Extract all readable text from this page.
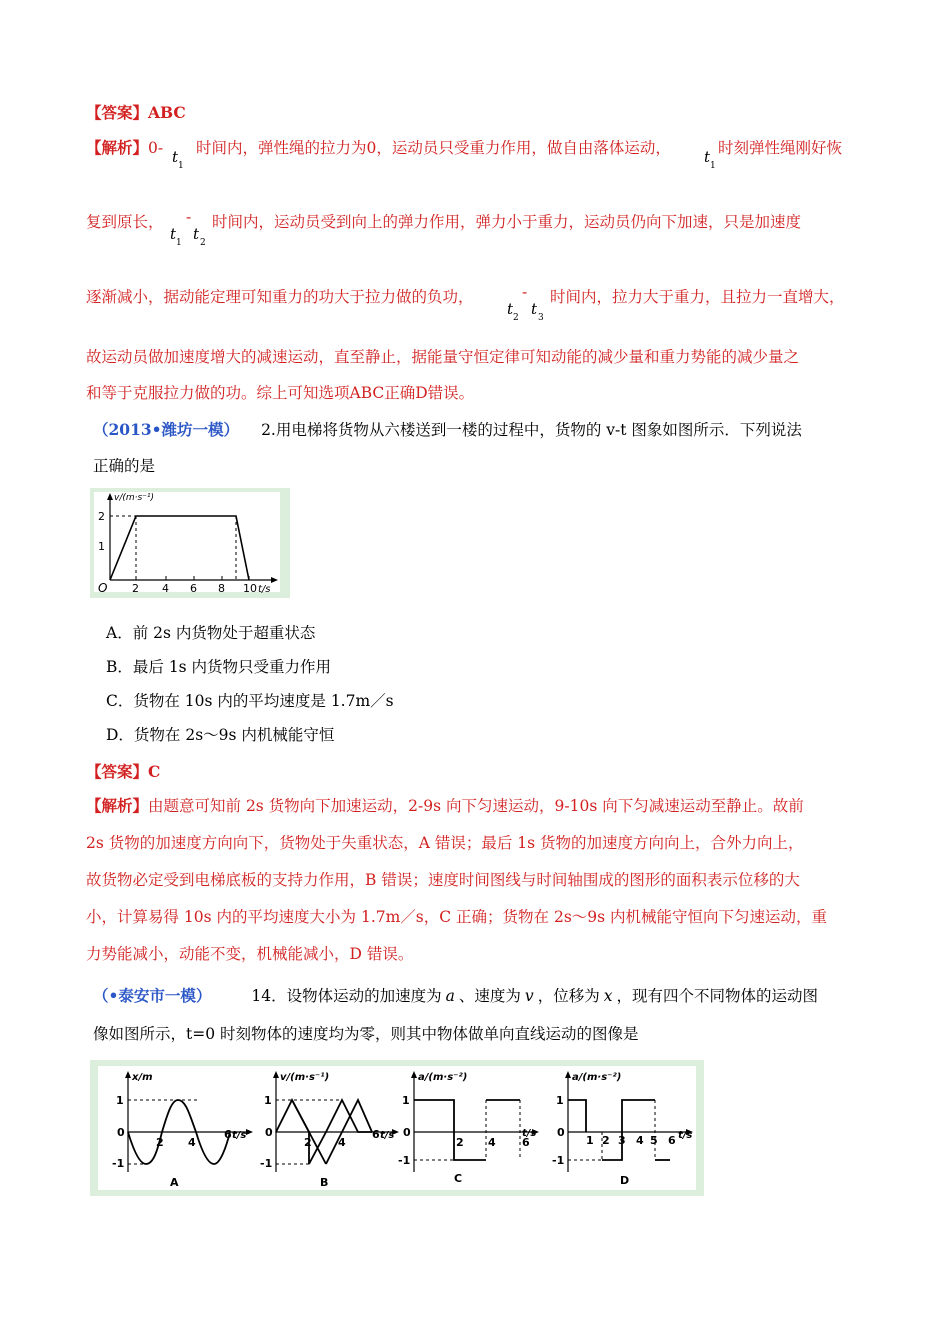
【答案】ABC
【解析】0- t 1
时间内，弹性绳的拉力为0，运动员只受重力作用，做自由落体运动， t 1
时刻弹性绳刚好恢
复到原长，
t 1
-
t 2
时间内，运动员受到向上的弹力作用，弹力小于重力，运动员仍向下加速，只是加速度
逐渐减小，据动能定理可知重力的功大于拉力做的负功，
t 2
-
t 3
时间内，拉力大于重力，且拉力一直增大，
故运动员做加速度增大的减速运动，直至静止，据能量守恒定律可知动能的减少量和重力势能的减少量之
和等于克服拉力做的功。综上可知选项ABC正确D错误。
（2013•潍坊一模） 2.用电梯将货物从六楼送到一楼的过程中，货物的 v-t 图象如图所示．下列说法
正确的是
v/(m·s⁻¹)
2
1
O 2 4 6 8 10 t/s
A．前 2s 内货物处于超重状态
B．最后 1s 内货物只受重力作用
C．货物在 10s 内的平均速度是 1.7m／s
D．货物在 2s～9s 内机械能守恒
【答案】C
【解析】由题意可知前 2s 货物向下加速运动，2-9s 向下匀速运动，9-10s 向下匀减速运动至静止。故前
2s 货物的加速度方向向下，货物处于失重状态，A 错误；最后 1s 货物的加速度方向向上，合外力向上，
故货物必定受到电梯底板的支持力作用，B 错误；速度时间图线与时间轴围成的图形的面积表示位移的大
小，计算易得 10s 内的平均速度大小为 1.7m／s，C 正确；货物在 2s～9s 内机械能守恒向下匀速运动，重
力势能减小，动能不变，机械能减小，D 错误。
（•泰安市一模）	14．设物体运动的加速度为 a 、速度为 v ，位移为 x ，现有四个不同物体的运动图
像如图所示，t=0 时刻物体的速度均为零，则其中物体做单向直线运动的图像是
x/m
1
0
-1
2 4
6 t/s
A
v/(m·s⁻¹)
1
0
-1
2 4
6 t/s
B
a/(m·s⁻²)
1
0
-1
2 4 6
t/s
C
a/(m·s⁻²)
1
0
-1
1 2 3 4 5 6 t/s
D
